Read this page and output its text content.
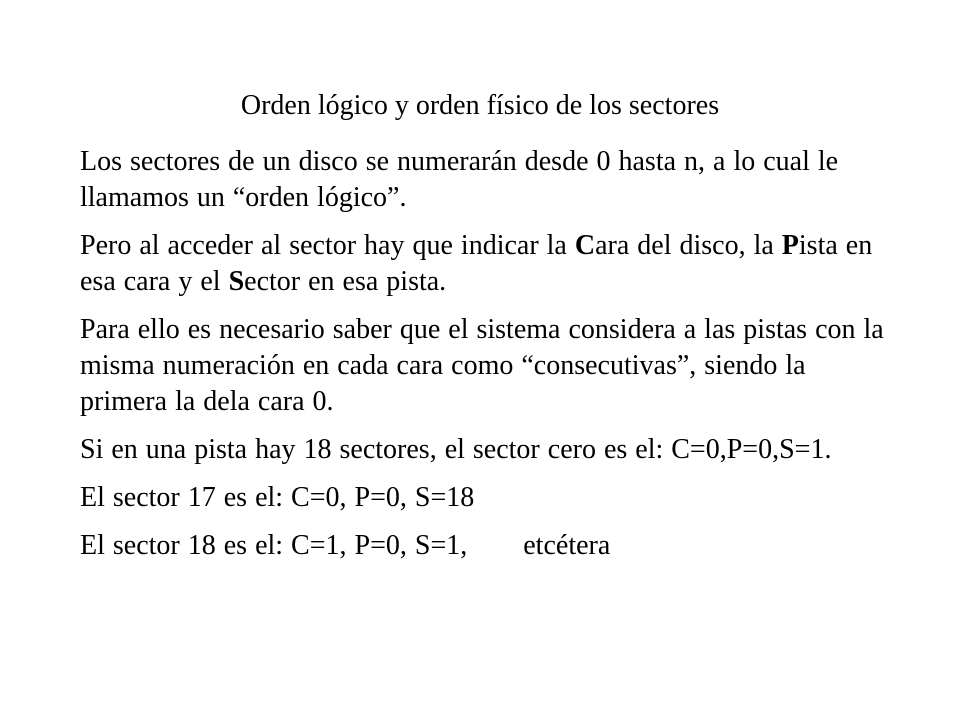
Orden lógico y orden físico de los sectores

Los sectores de un disco se numerarán desde 0 hasta n, a lo cual le llamamos un “orden lógico”.

Pero al acceder al sector hay que indicar la Cara del disco, la Pista en esa cara y el Sector en esa pista.

Para ello es necesario saber que el sistema considera a las pistas con la misma numeración en cada cara como “consecutivas”, siendo la primera la dela cara 0.

Si en una pista hay 18 sectores, el sector cero es el: C=0,P=0,S=1.

El sector 17 es el: C=0, P=0, S=18

El sector 18 es el: C=1, P=0, S=1, etcétera
